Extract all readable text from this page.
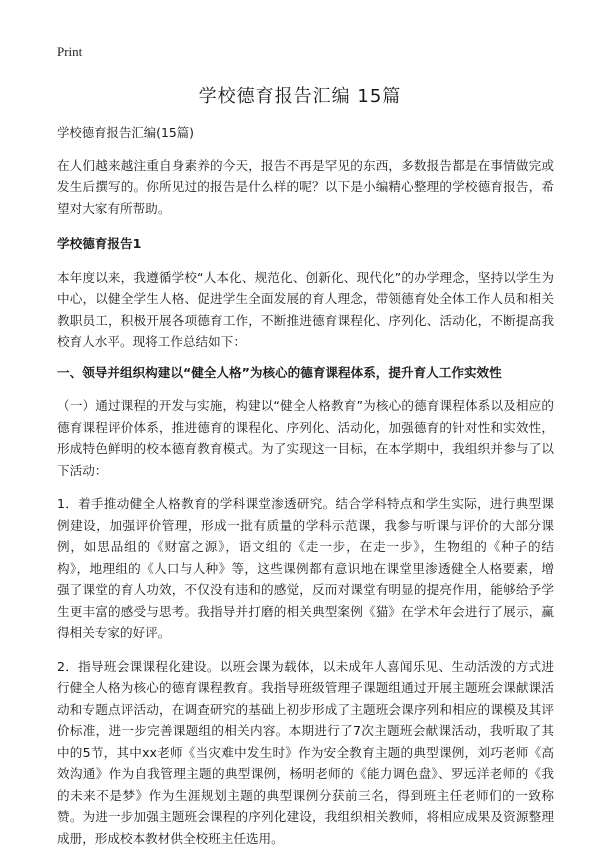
Print
学校德育报告汇编 15篇
学校德育报告汇编(15篇)

在人们越来越注重自身素养的今天，报告不再是罕见的东西，多数报告都是在事情做完或发生后撰写的。你所见过的报告是什么样的呢？以下是小编精心整理的学校德育报告，希望对大家有所帮助。

学校德育报告1

本年度以来，我遵循学校“人本化、规范化、创新化、现代化”的办学理念，坚持以学生为中心，以健全学生人格、促进学生全面发展的育人理念，带领德育处全体工作人员和相关教职员工，积极开展各项德育工作，不断推进德育课程化、序列化、活动化，不断提高我校育人水平。现将工作总结如下：

一、领导并组织构建以“健全人格”为核心的德育课程体系，提升育人工作实效性

（一）通过课程的开发与实施，构建以“健全人格教育”为核心的德育课程体系以及相应的德育课程评价体系，推进德育的课程化、序列化、活动化，加强德育的针对性和实效性，形成特色鲜明的校本德育教育模式。为了实现这一目标，在本学期中，我组织并参与了以下活动：

1．着手推动健全人格教育的学科课堂渗透研究。结合学科特点和学生实际，进行典型课例建设，加强评价管理，形成一批有质量的学科示范课，我参与听课与评价的大部分课例，如思品组的《财富之源》，语文组的《走一步，在走一步》，生物组的《种子的结构》，地理组的《人口与人种》等，这些课例都有意识地在课堂里渗透健全人格要素，增强了课堂的育人功效，不仅没有违和的感觉，反而对课堂有明显的提亮作用，能够给予学生更丰富的感受与思考。我指导并打磨的相关典型案例《猫》在学术年会进行了展示，赢得相关专家的好评。

2．指导班会课课程化建设。以班会课为载体，以未成年人喜闻乐见、生动活泼的方式进行健全人格为核心的德育课程教育。我指导班级管理子课题组通过开展主题班会课献课活动和专题点评活动，在调查研究的基础上初步形成了主题班会课序列和相应的课模及其评价标准，进一步完善课题组的相关内容。本期进行了7次主题班会献课活动，我听取了其中的5节，其中xx老师《当灾难中发生时》作为安全教育主题的典型课例，刘巧老师《高效沟通》作为自我管理主题的典型课例，杨明老师的《能力调色盘》、罗远洋老师的《我的未来不是梦》作为生涯规划主题的典型课例分获前三名，得到班主任老师们的一致称赞。为进一步加强主题班会课程的序列化建设，我组织相关教师，将相应成果及资源整理成册，形成校本教材供全校班主任选用。
